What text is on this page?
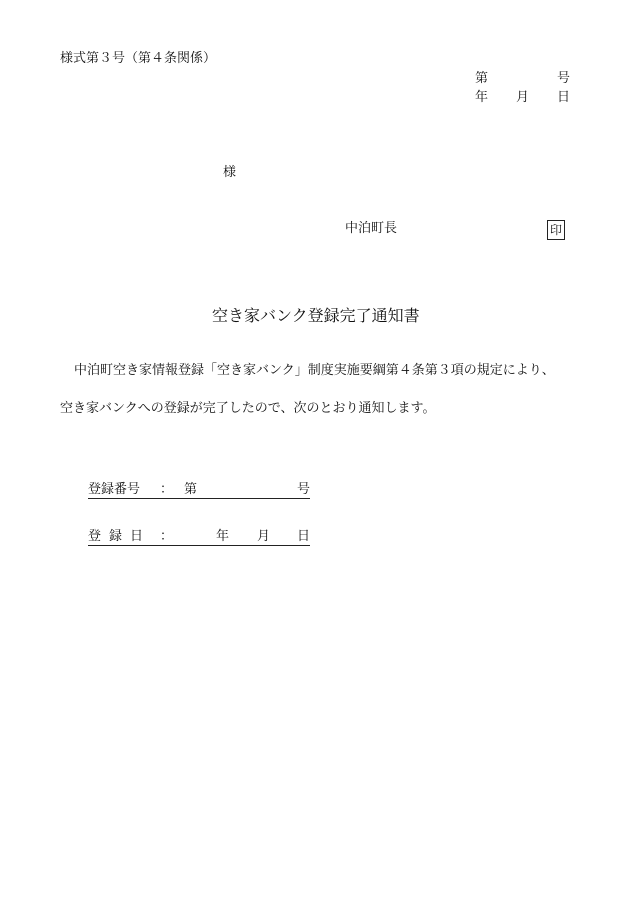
様式第３号（第４条関係）
第	号
年 月 日
様
中泊町長	印
空き家バンク登録完了通知書
中泊町空き家情報登録「空き家バンク」制度実施要綱第４条第３項の規定により、
空き家バンクへの登録が完了したので、次のとおり通知します。
登録番号 ： 第	号
登 録 日 ：	年 月 日
